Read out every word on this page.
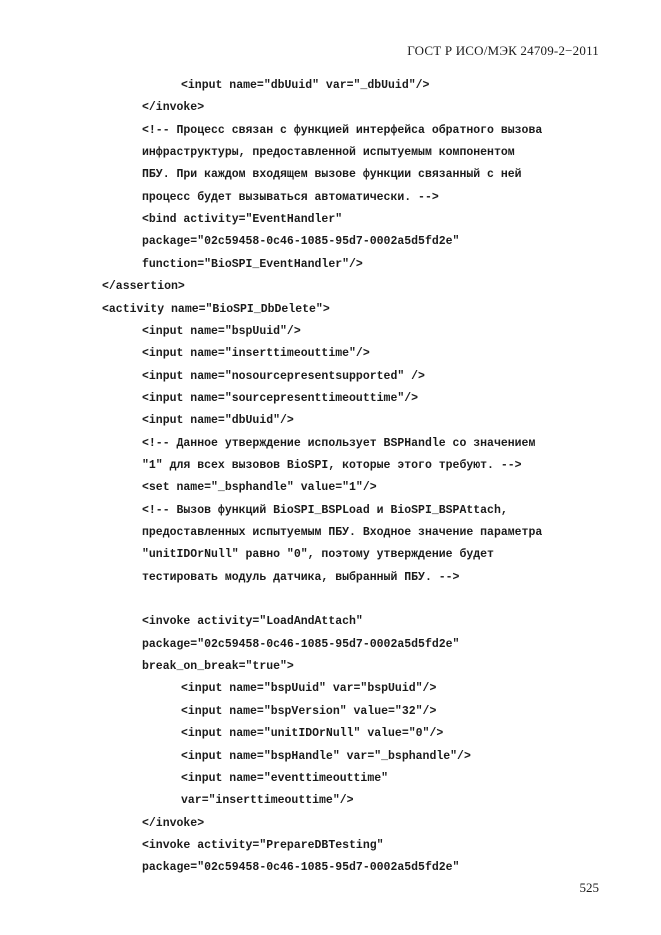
ГОСТ Р ИСО/МЭК 24709-2−2011
<input name="dbUuid" var="_dbUuid"/>
</invoke>
<!-- Процесс связан с функцией интерфейса обратного вызова
инфраструктуры, предоставленной испытуемым компонентом
ПБУ. При каждом входящем вызове функции связанный с ней
процесс будет вызываться автоматически. -->
<bind activity="EventHandler"
package="02c59458-0c46-1085-95d7-0002a5d5fd2e"
function="BioSPI_EventHandler"/>
</assertion>
<activity name="BioSPI_DbDelete">
<input name="bspUuid"/>
<input name="inserttimeouttime"/>
<input name="nosourcepresentsupported" />
<input name="sourcepresenttimeouttime"/>
<input name="dbUuid"/>
<!-- Данное утверждение использует BSPHandle со значением
"1" для всех вызовов BioSPI, которые этого требуют. -->
<set name="_bsphandle" value="1"/>
<!-- Вызов функций BioSPI_BSPLoad и BioSPI_BSPAttach,
предоставленных испытуемым ПБУ. Входное значение параметра
"unitIDOrNull" равно "0", поэтому утверждение будет
тестировать модуль датчика, выбранный ПБУ. -->
<invoke activity="LoadAndAttach"
package="02c59458-0c46-1085-95d7-0002a5d5fd2e"
break_on_break="true">
<input name="bspUuid" var="bspUuid"/>
<input name="bspVersion" value="32"/>
<input name="unitIDOrNull" value="0"/>
<input name="bspHandle" var="_bsphandle"/>
<input name="eventtimeouttime"
var="inserttimeouttime"/>
</invoke>
<invoke activity="PrepareDBTesting"
package="02c59458-0c46-1085-95d7-0002a5d5fd2e"
525
